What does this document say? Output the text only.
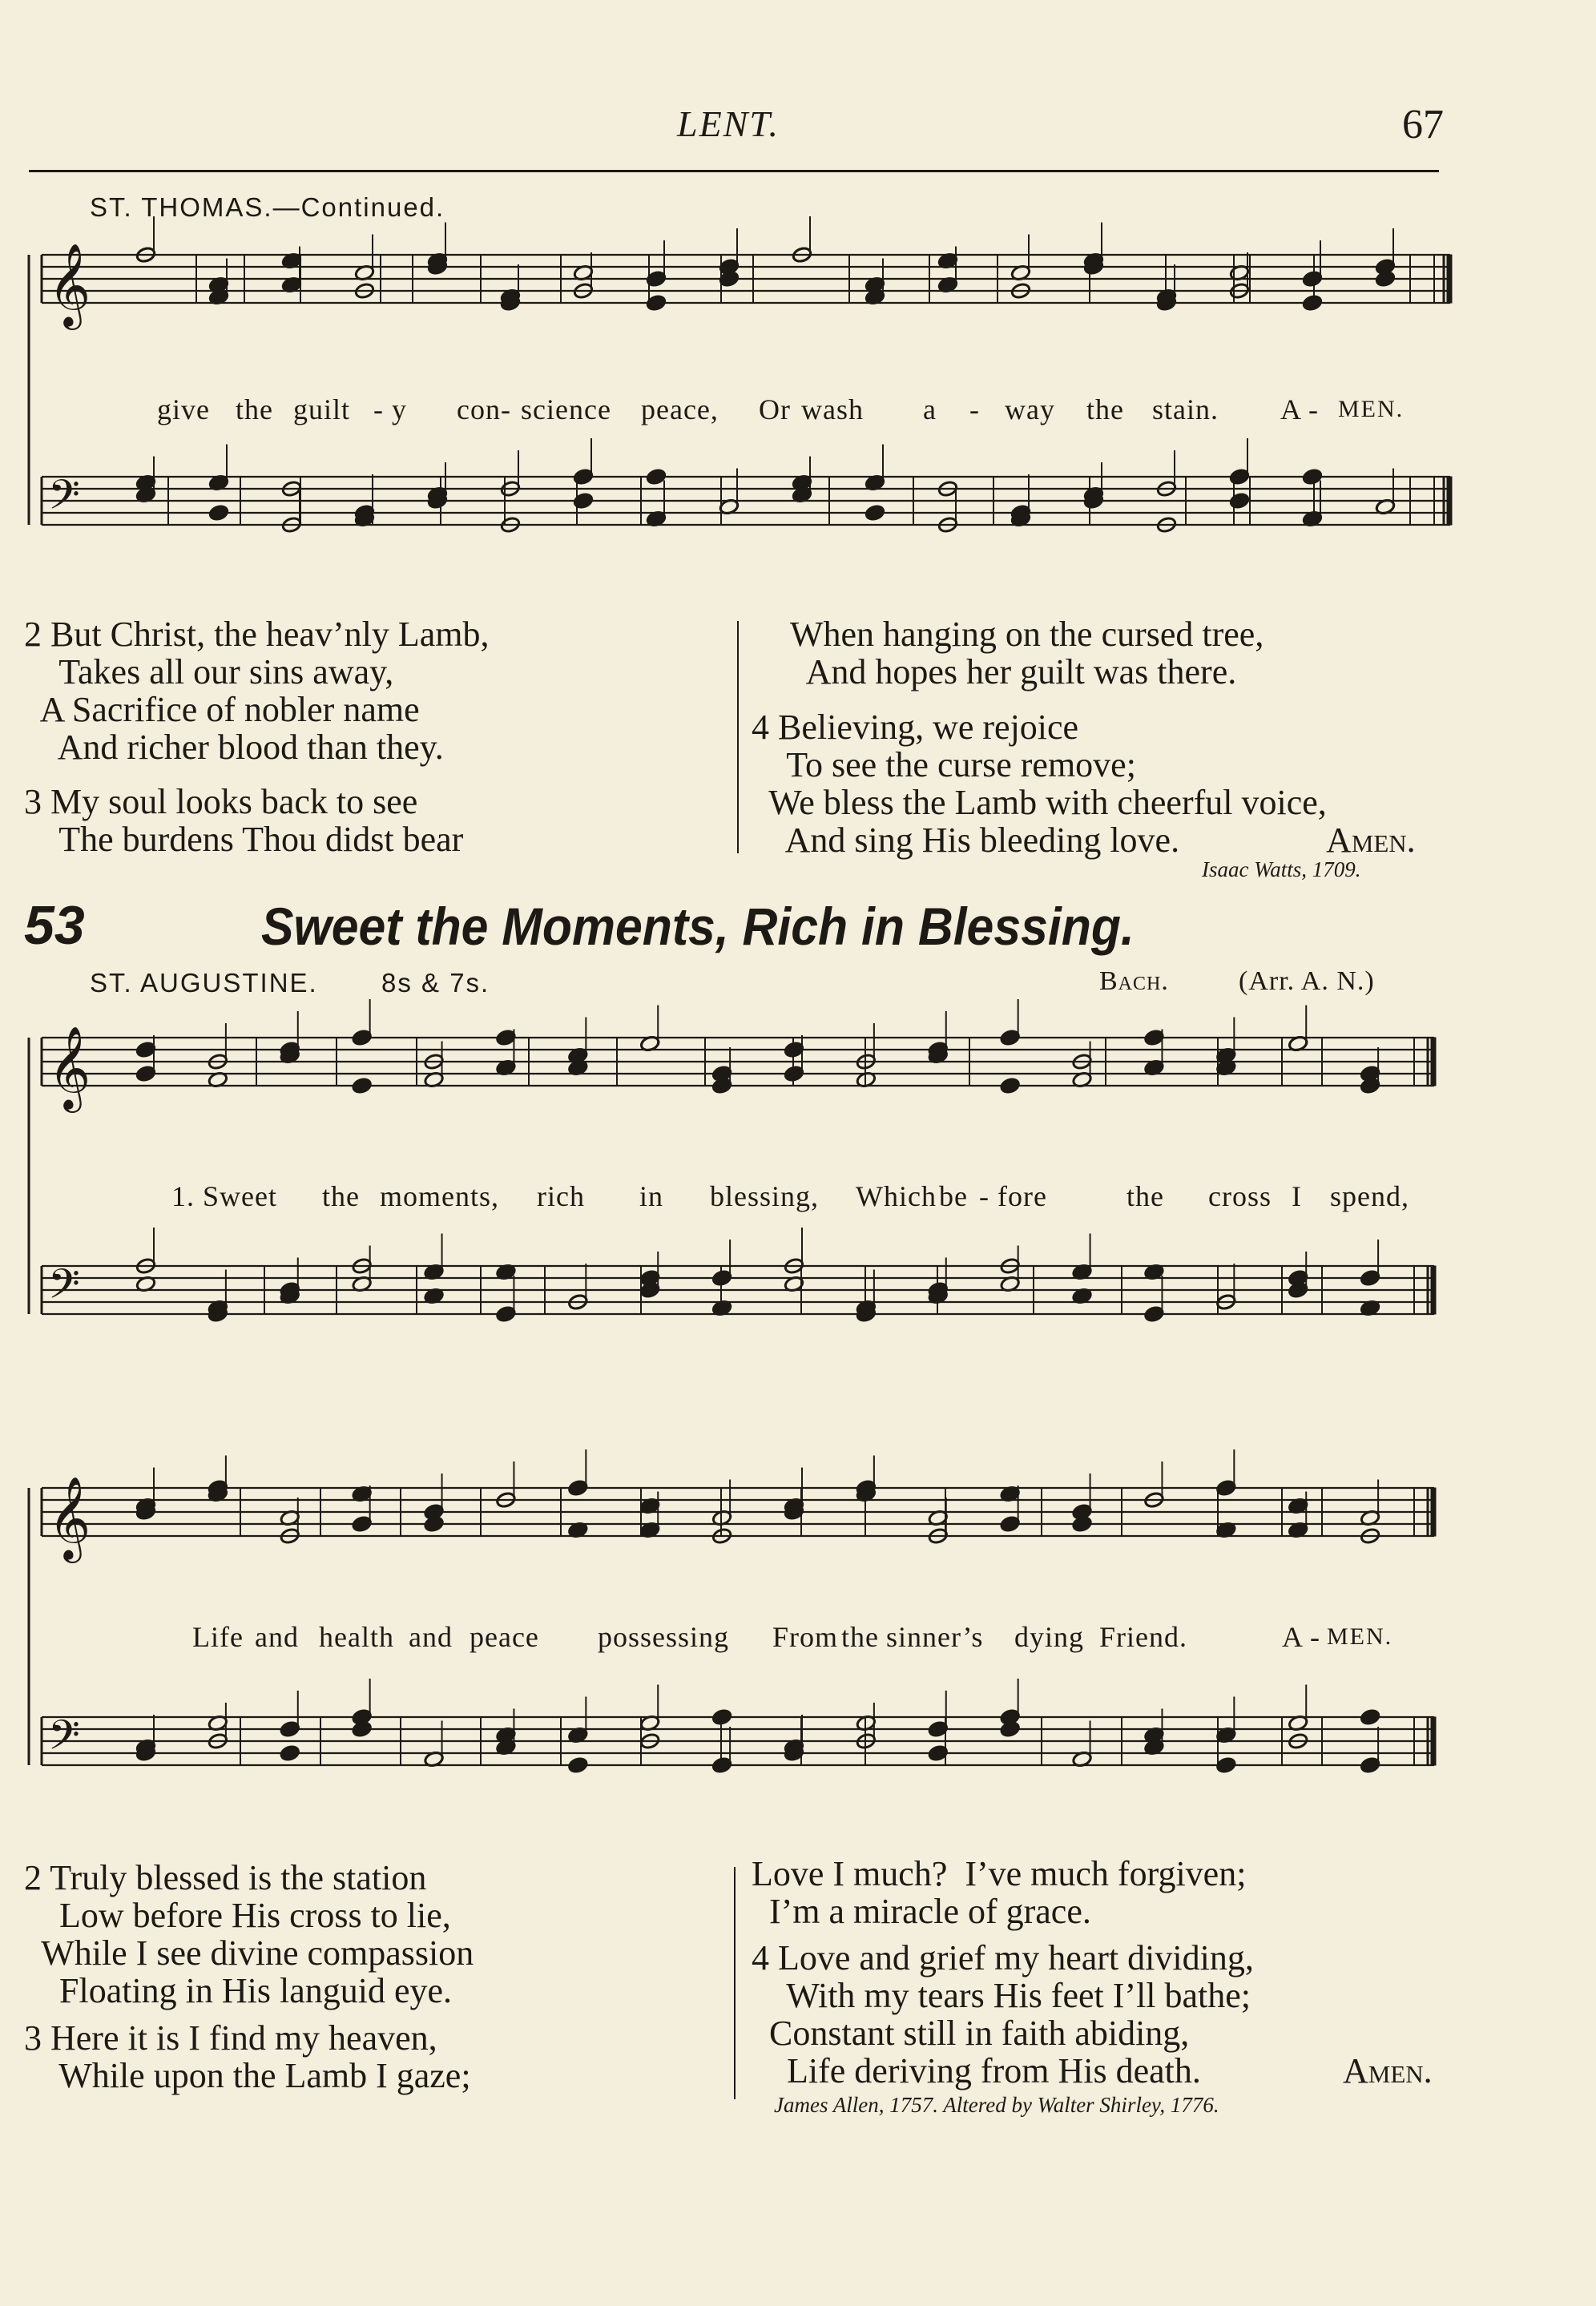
LENT.	67
ST. THOMAS.—Continued.
𝄞
𝄢
𝄞
𝄢
𝄞
𝄢
give the guilt - y con- science peace, Or wash a - way the stain. A - MEN.
2 But Christ, the heav’nly Lamb,
Takes all our sins away,
A Sacrifice of nobler name
And richer blood than they.
3 My soul looks back to see
The burdens Thou didst bear
When hanging on the cursed tree,
And hopes her guilt was there.
4 Believing, we rejoice
To see the curse remove;
We bless the Lamb with cheerful voice,
And sing His bleeding love.	Amen.
Isaac Watts, 1709.
53	Sweet the Moments, Rich in Blessing.
ST. AUGUSTINE. 8s & 7s.	Bach.	(Arr. A. N.)
1. Sweet the moments, rich in blessing, Which be - fore	the cross I spend,
Life and health and peace possessing From the sinner’s dying Friend.	A - MEN.
2 Truly blessed is the station
Low before His cross to lie,
While I see divine compassion
Floating in His languid eye.
3 Here it is I find my heaven,
While upon the Lamb I gaze;
Love I much?  I’ve much forgiven;
I’m a miracle of grace.
4 Love and grief my heart dividing,
With my tears His feet I’ll bathe;
Constant still in faith abiding,
Life deriving from His death.	Amen.
James Allen, 1757. Altered by Walter Shirley, 1776.
